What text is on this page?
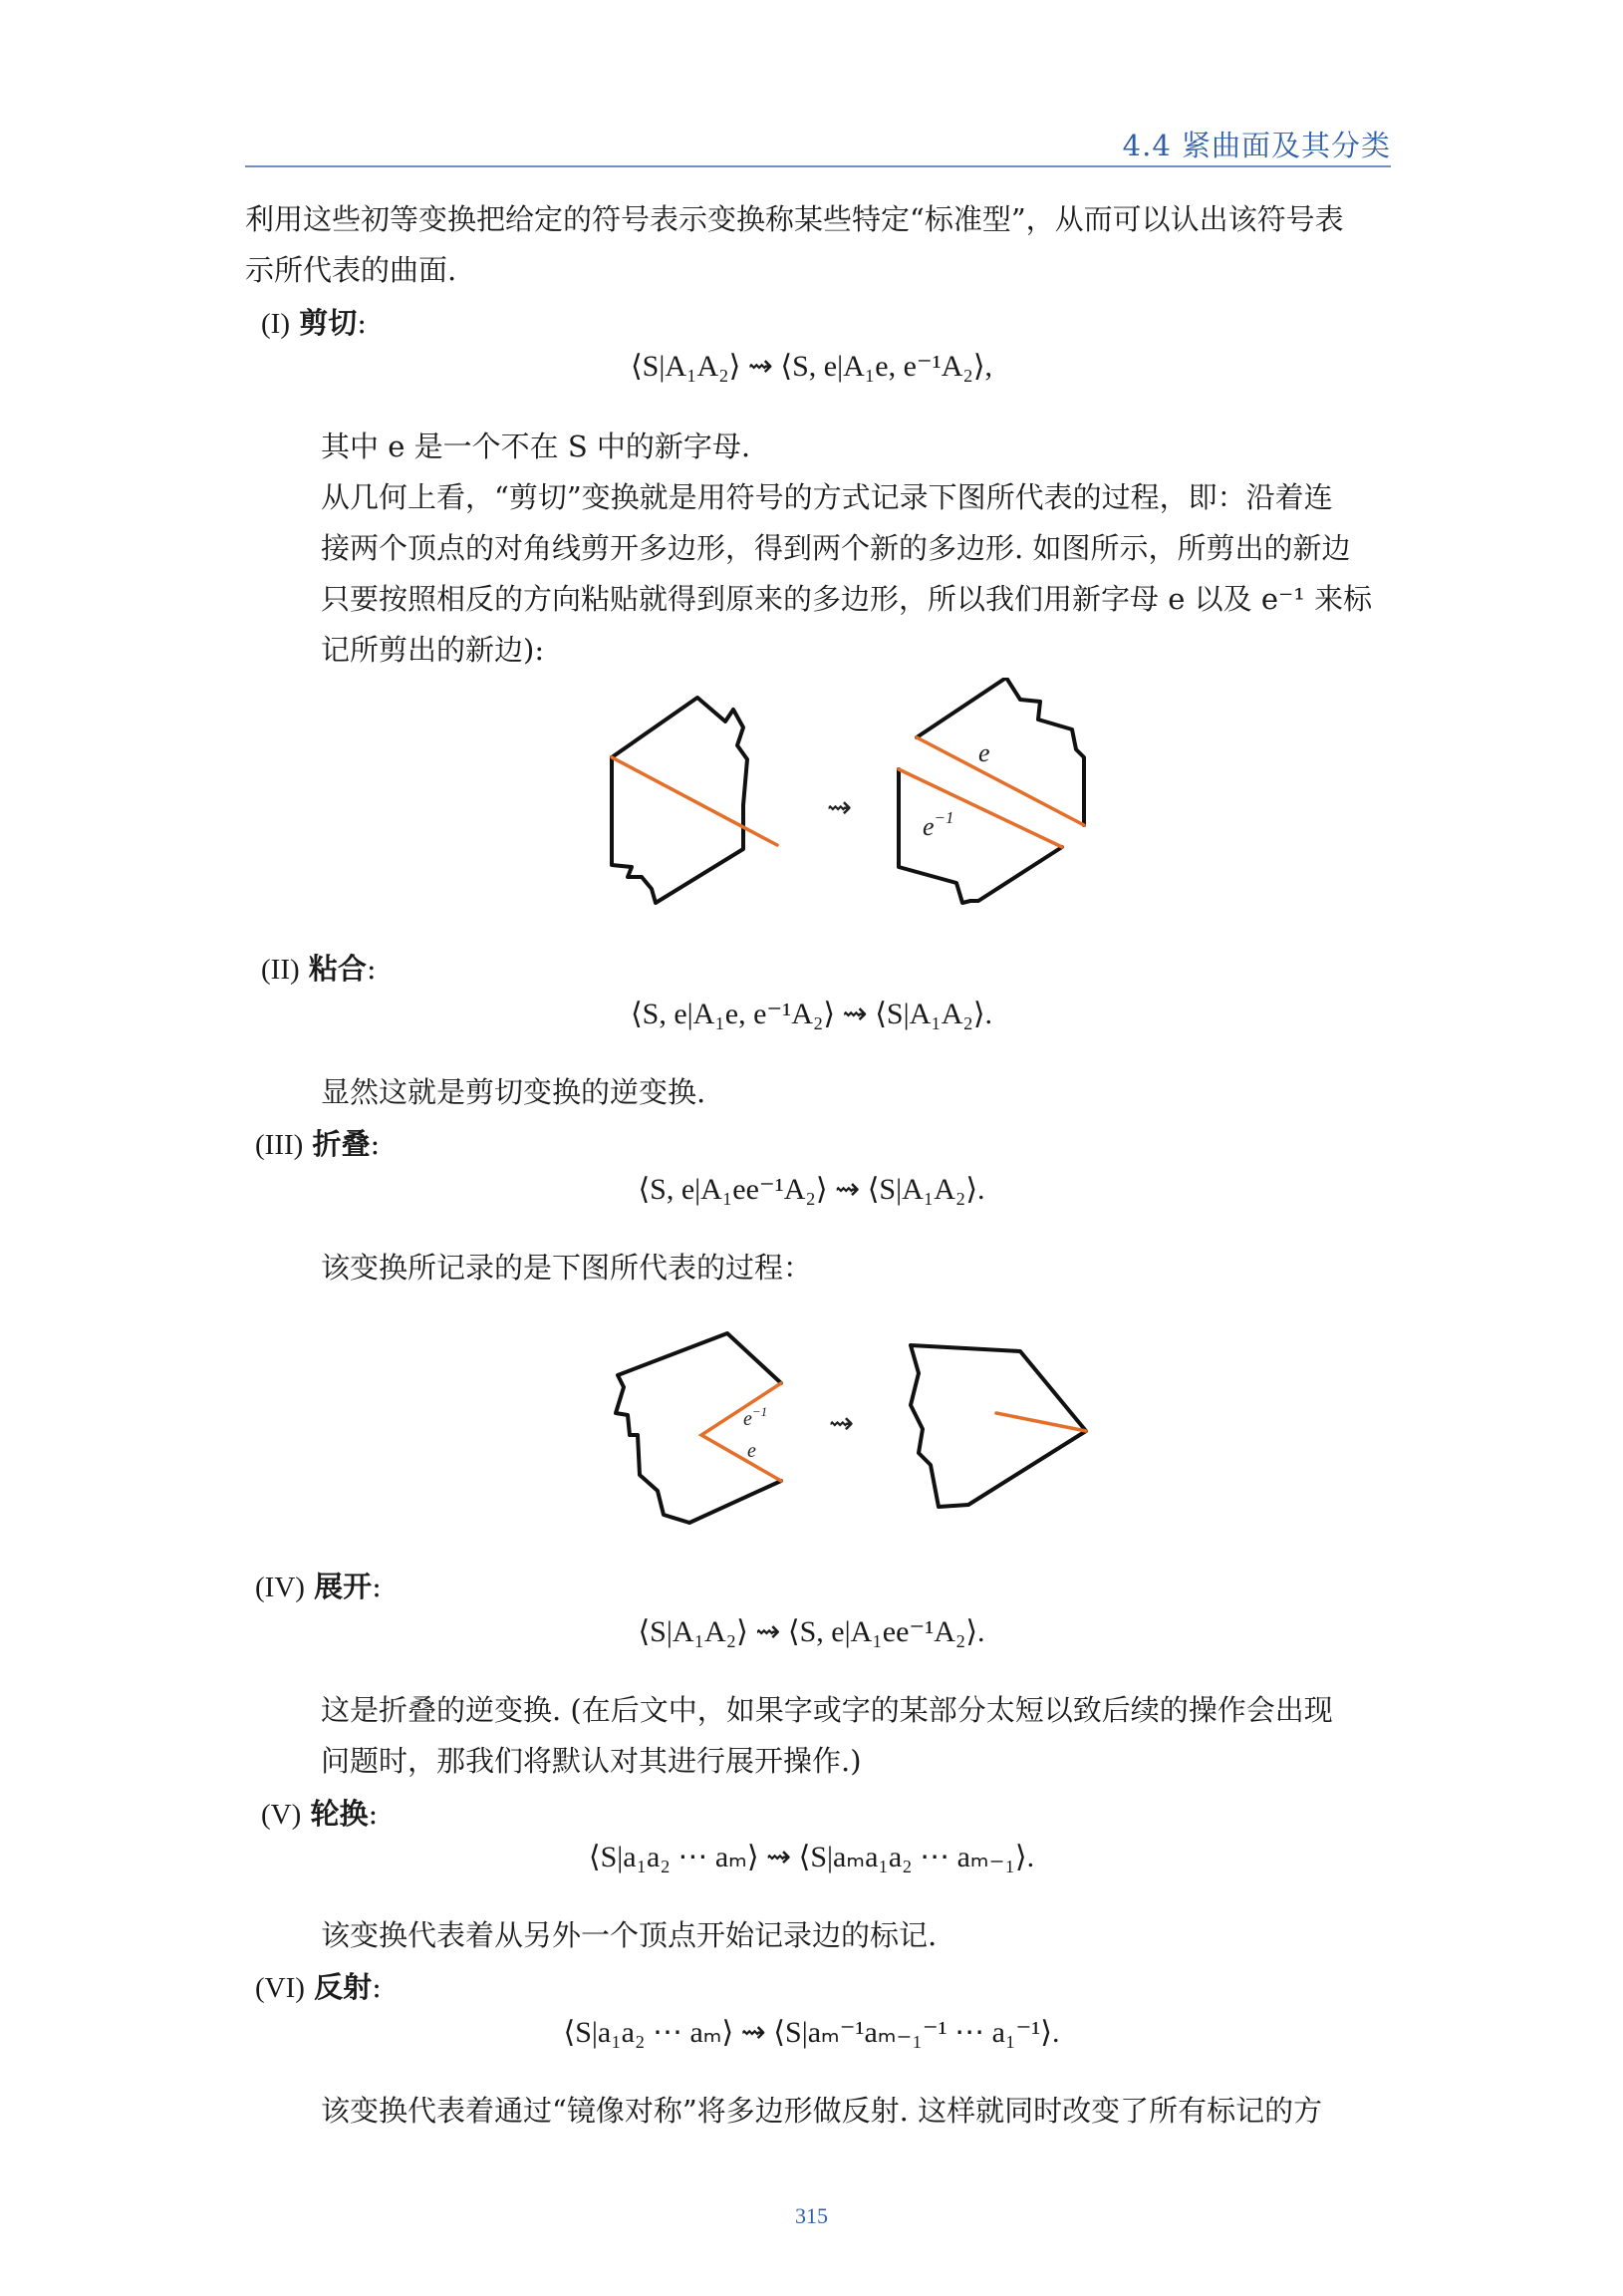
4.4 紧曲面及其分类
利用这些初等变换把给定的符号表示变换称某些特定“标准型”，从而可以认出该符号表
示所代表的曲面.
(I) 剪切:
⟨S|A₁A₂⟩ ⇝ ⟨S, e|A₁e, e⁻¹A₂⟩,
其中 e 是一个不在 S 中的新字母.
从几何上看，“剪切”变换就是用符号的方式记录下图所代表的过程，即：沿着连
接两个顶点的对角线剪开多边形，得到两个新的多边形. 如图所示，所剪出的新边
只要按照相反的方向粘贴就得到原来的多边形，所以我们用新字母 e 以及 e⁻¹ 来标
记所剪出的新边):
⇝
e
$e^{-1}$
(II) 粘合:
⟨S, e|A₁e, e⁻¹A₂⟩ ⇝ ⟨S|A₁A₂⟩.
显然这就是剪切变换的逆变换.
(III) 折叠:
⟨S, e|A₁ee⁻¹A₂⟩ ⇝ ⟨S|A₁A₂⟩.
该变换所记录的是下图所代表的过程：
$e^{-1}$
e
⇝
(IV) 展开:
⟨S|A₁A₂⟩ ⇝ ⟨S, e|A₁ee⁻¹A₂⟩.
这是折叠的逆变换. (在后文中，如果字或字的某部分太短以致后续的操作会出现
问题时，那我们将默认对其进行展开操作.)
(V) 轮换:
⟨S|a₁a₂ ⋯ aₘ⟩ ⇝ ⟨S|aₘa₁a₂ ⋯ aₘ₋₁⟩.
该变换代表着从另外一个顶点开始记录边的标记.
(VI) 反射:
⟨S|a₁a₂ ⋯ aₘ⟩ ⇝ ⟨S|aₘ⁻¹aₘ₋₁⁻¹ ⋯ a₁⁻¹⟩.
该变换代表着通过“镜像对称”将多边形做反射. 这样就同时改变了所有标记的方
315
